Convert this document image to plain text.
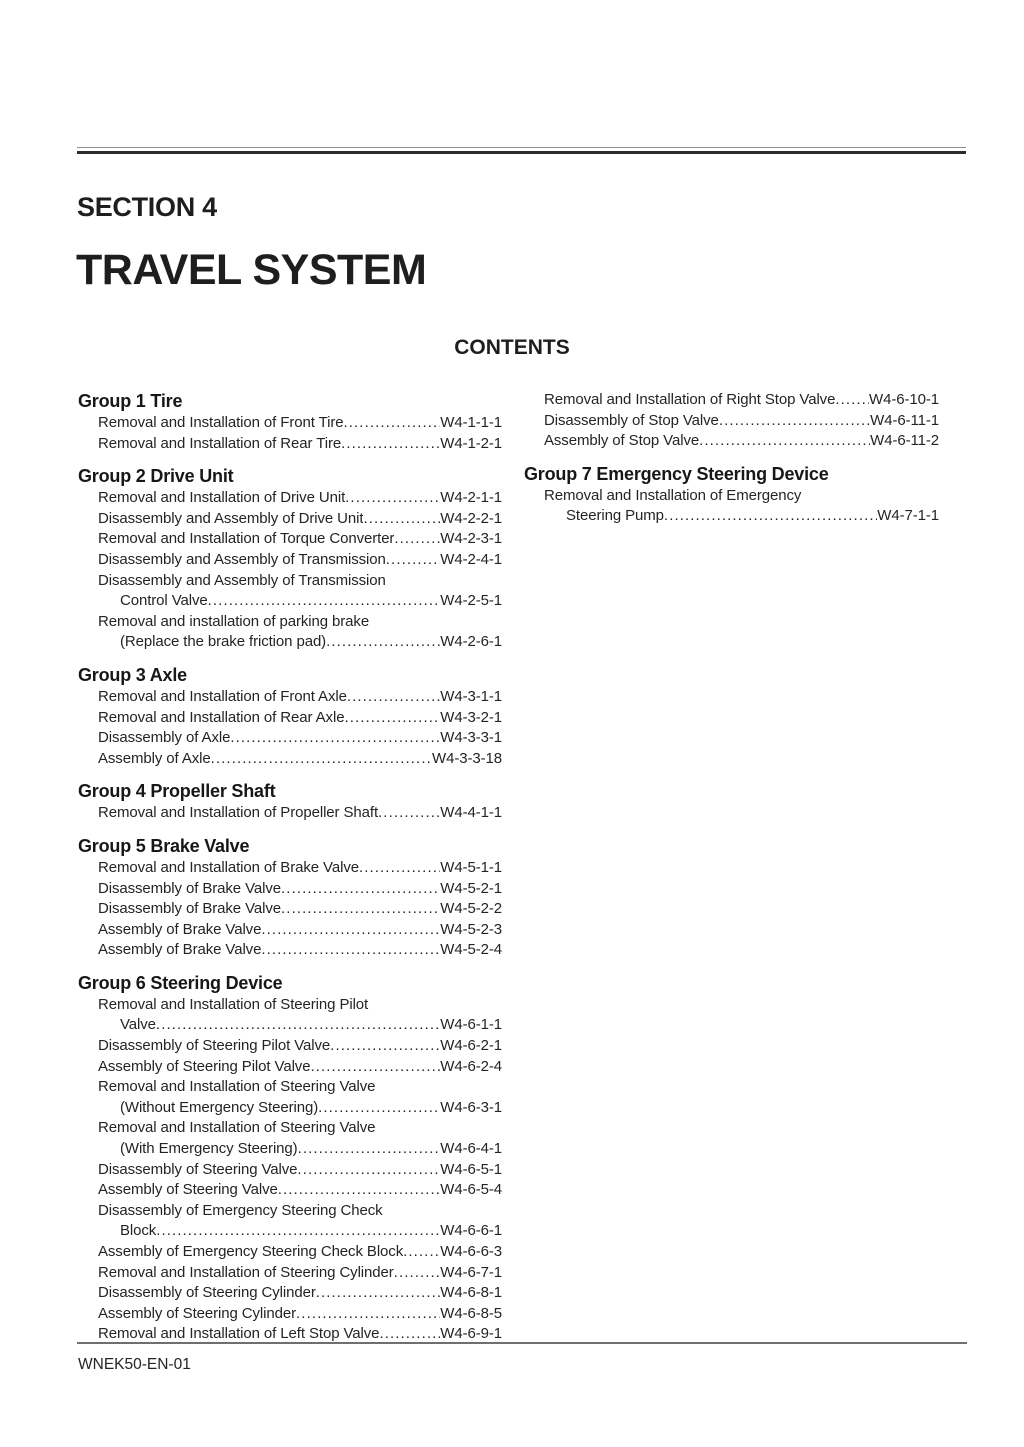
SECTION 4
TRAVEL SYSTEM
CONTENTS
Group 1 Tire
Removal and Installation of Front Tire .....	W4-1-1-1
Removal and Installation of Rear Tire .....	W4-1-2-1
Group 2 Drive Unit
Removal and Installation of Drive Unit .....	W4-2-1-1
Disassembly and Assembly of Drive Unit .....	W4-2-2-1
Removal and Installation of Torque Converter .....	W4-2-3-1
Disassembly and Assembly of Transmission .....	W4-2-4-1
Disassembly and Assembly of Transmission
Control Valve .....	W4-2-5-1
Removal and installation of parking brake
(Replace the brake friction pad) .....	W4-2-6-1
Group 3 Axle
Removal and Installation of Front Axle .....	W4-3-1-1
Removal and Installation of Rear Axle .....	W4-3-2-1
Disassembly of Axle .....	W4-3-3-1
Assembly of Axle .....	W4-3-3-18
Group 4 Propeller Shaft
Removal and Installation of Propeller Shaft .....	W4-4-1-1
Group 5 Brake Valve
Removal and Installation of Brake Valve .....	W4-5-1-1
Disassembly of Brake Valve .....	W4-5-2-1
Disassembly of Brake Valve .....	W4-5-2-2
Assembly of Brake Valve .....	W4-5-2-3
Assembly of Brake Valve .....	W4-5-2-4
Group 6 Steering Device
Removal and Installation of Steering Pilot
Valve .....	W4-6-1-1
Disassembly of Steering Pilot Valve .....	W4-6-2-1
Assembly of Steering Pilot Valve .....	W4-6-2-4
Removal and Installation of Steering Valve
(Without Emergency Steering) .....	W4-6-3-1
Removal and Installation of Steering Valve
(With Emergency Steering) .....	W4-6-4-1
Disassembly of Steering Valve .....	W4-6-5-1
Assembly of Steering Valve .....	W4-6-5-4
Disassembly of Emergency Steering Check
Block .....	W4-6-6-1
Assembly of Emergency Steering Check Block ..... W4-6-6-3
Removal and Installation of Steering Cylinder .....	W4-6-7-1
Disassembly of Steering Cylinder .....	W4-6-8-1
Assembly of Steering Cylinder .....	W4-6-8-5
Removal and Installation of Left Stop Valve .....	W4-6-9-1
Removal and Installation of Right Stop Valve ..... W4-6-10-1
Disassembly of Stop Valve .....	W4-6-11-1
Assembly of Stop Valve .....	W4-6-11-2
Group 7 Emergency Steering Device
Removal and Installation of Emergency
Steering Pump .....	W4-7-1-1
WNEK50-EN-01
